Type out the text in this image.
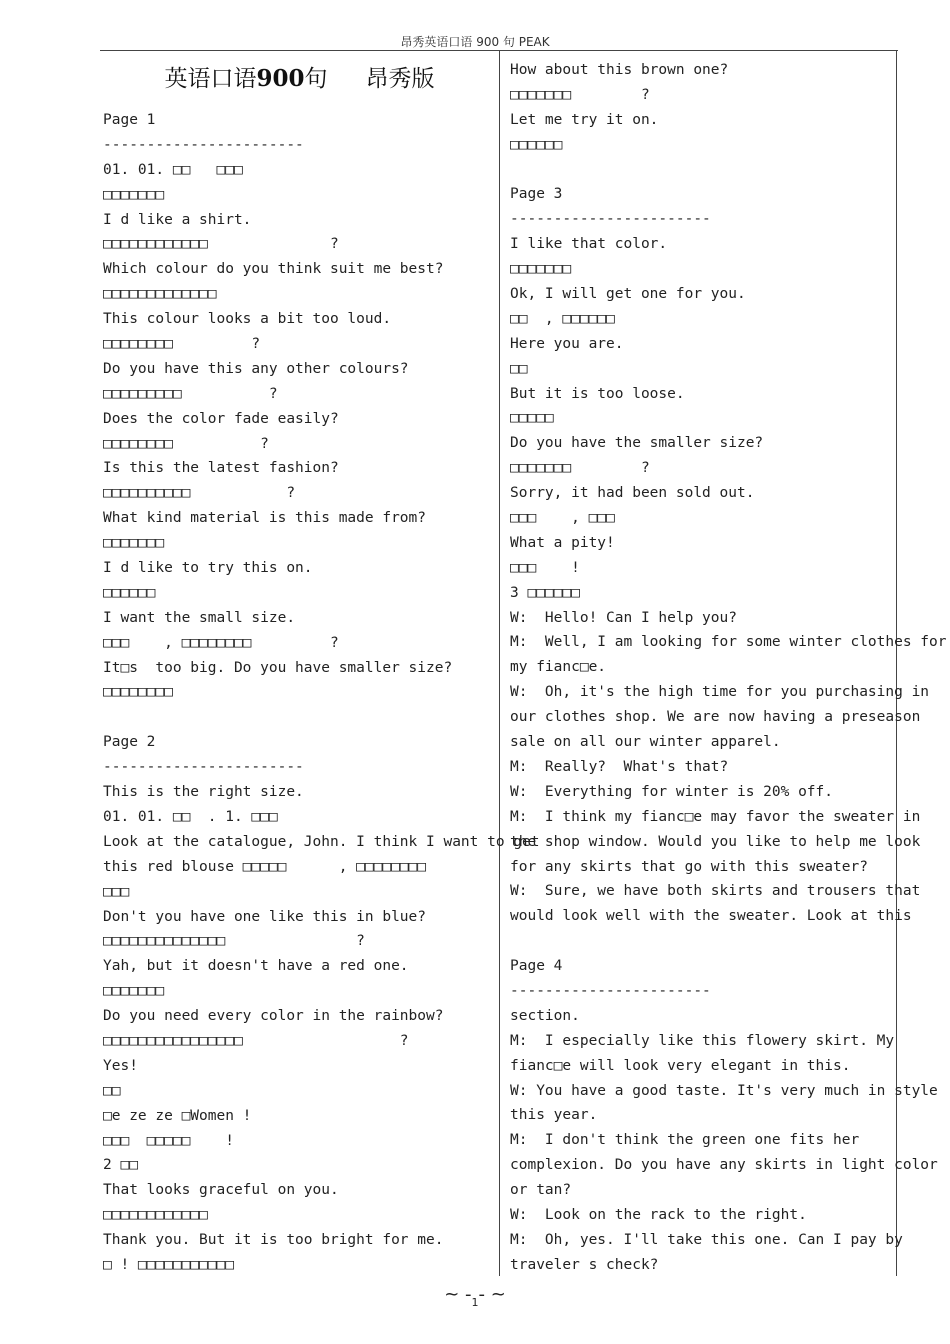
昂秀英语口语 900 句 PEAK
英语口语900句 昂秀版
Page 1
-----------------------
01. 01. □□   □□□
□□□□□□□
I d like a shirt.
□□□□□□□□□□□□              ?
Which colour do you think suit me best?
□□□□□□□□□□□□□
This colour looks a bit too loud.
□□□□□□□□         ?
Do you have this any other colours?
□□□□□□□□□          ?
Does the color fade easily?
□□□□□□□□          ?
Is this the latest fashion?
□□□□□□□□□□           ?
What kind material is this made from?
□□□□□□□
I d like to try this on.
□□□□□□
I want the small size.
□□□    , □□□□□□□□         ?
It□s  too big. Do you have smaller size?
□□□□□□□□
Page 2
-----------------------
This is the right size.
01. 01. □□  . 1. □□□
Look at the catalogue, John. I think I want to get
this red blouse □□□□□      , □□□□□□□□
□□□
Don't you have one like this in blue?
□□□□□□□□□□□□□□               ?
Yah, but it doesn't have a red one.
□□□□□□□
Do you need every color in the rainbow?
□□□□□□□□□□□□□□□□                  ?
Yes!
□□
□e ze ze □Women !
□□□  □□□□□    !
2 □□
That looks graceful on you.
□□□□□□□□□□□□
Thank you. But it is too bright for me.
□ ! □□□□□□□□□□□
How about this brown one?
□□□□□□□        ?
Let me try it on.
□□□□□□
Page 3
-----------------------
I like that color.
□□□□□□□
Ok, I will get one for you.
□□  , □□□□□□
Here you are.
□□
But it is too loose.
□□□□□
Do you have the smaller size?
□□□□□□□        ?
Sorry, it had been sold out.
□□□    , □□□
What a pity!
□□□    !
3 □□□□□□
W:  Hello! Can I help you?
M:  Well, I am looking for some winter clothes for
my fianc□e.
W:  Oh, it's the high time for you purchasing in
our clothes shop. We are now having a preseason
sale on all our winter apparel.
M:  Really?  What's that?
W:  Everything for winter is 20% off.
M:  I think my fianc□e may favor the sweater in
the shop window. Would you like to help me look
for any skirts that go with this sweater?
W:  Sure, we have both skirts and trousers that
would look well with the sweater. Look at this
Page 4
-----------------------
section.
M:  I especially like this flowery skirt. My
fianc□e will look very elegant in this.
W: You have a good taste. It's very much in style
this year.
M:  I don't think the green one fits her
complexion. Do you have any skirts in light color
or tan?
W:  Look on the rack to the right.
M:  Oh, yes. I'll take this one. Can I pay by
traveler s check?
~ $-_1-$ ~
